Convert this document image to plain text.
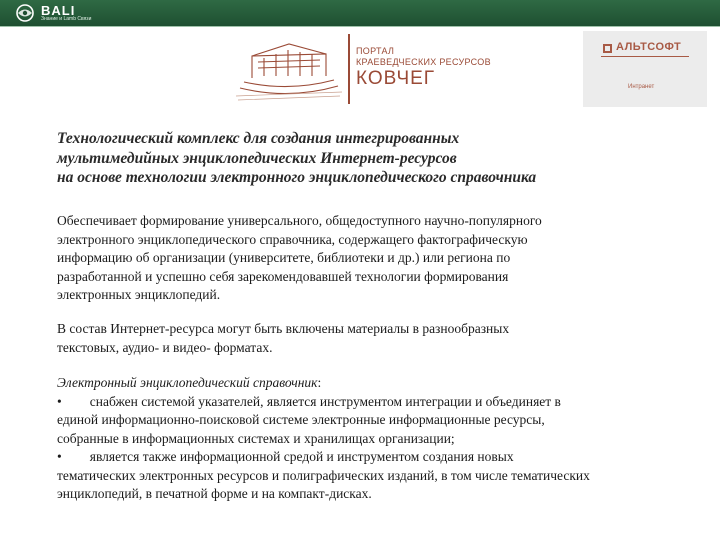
BALI
Знание и Lamb Связи
ПОРТАЛ
КРАЕВЕДЧЕСКИХ РЕСУРСОВ
КОВЧЕГ
АЛЬТСОФТ
Интранет
Технологический комплекс для создания интегрированных
мультимедийных энциклопедических Интернет-ресурсов
на основе технологии электронного энциклопедического справочника
Обеспечивает формирование универсального, общедоступного научно-популярного
электронного энциклопедического справочника, содержащего фактографическую
информацию об организации (университете, библиотеки и др.) или региона по
разработанной и успешно себя зарекомендовавшей технологии формирования
электронных энциклопедий.
В состав Интернет-ресурса могут быть включены материалы в разнообразных
текстовых, аудио- и видео- форматах.
Электронный энциклопедический справочник:
• снабжен системой указателей, является инструментом интеграции и объединяет в
единой информационно-поисковой системе электронные информационные ресурсы,
собранные в информационных системах и хранилищах организации;
• является также информационной средой и инструментом создания новых
тематических электронных ресурсов и полиграфических изданий, в том числе тематических
энциклопедий, в печатной форме и на компакт-дисках.
